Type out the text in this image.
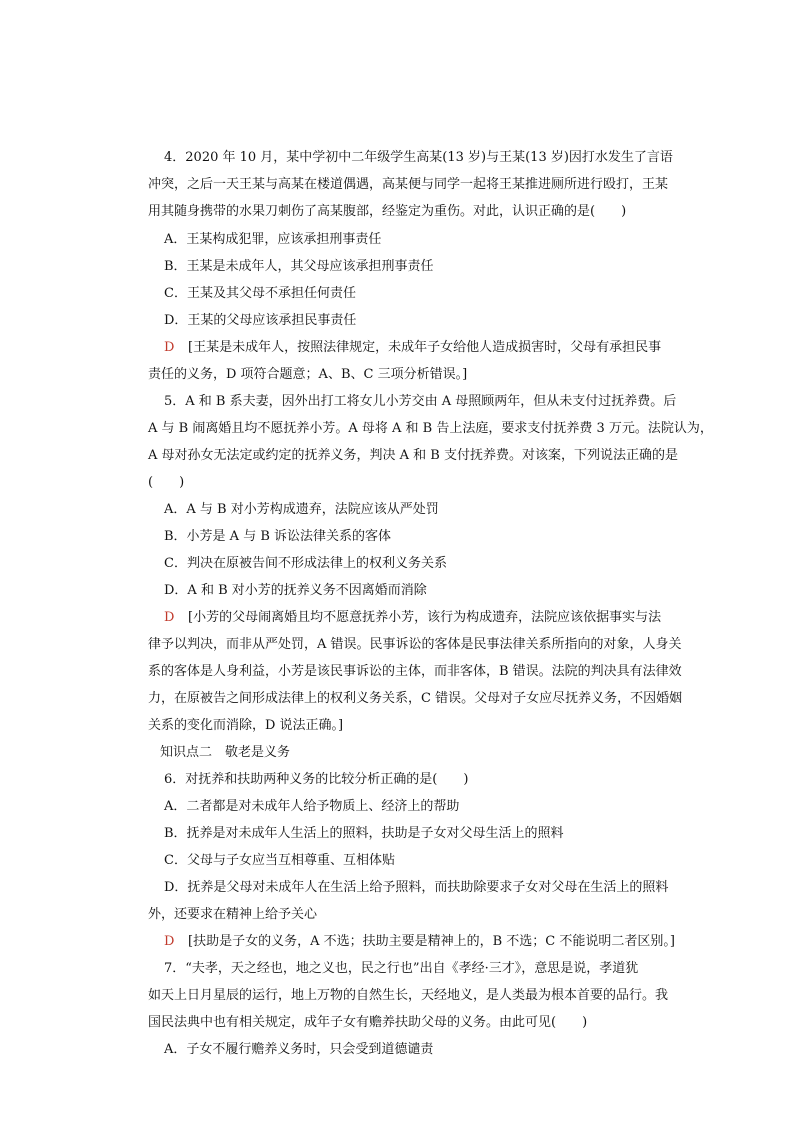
4．2020 年 10 月，某中学初中二年级学生高某(13 岁)与王某(13 岁)因打水发生了言语

冲突，之后一天王某与高某在楼道偶遇，高某便与同学一起将王某推进厕所进行殴打，王某

用其随身携带的水果刀刺伤了高某腹部，经鉴定为重伤。对此，认识正确的是(　　)

A．王某构成犯罪，应该承担刑事责任

B．王某是未成年人，其父母应该承担刑事责任

C．王某及其父母不承担任何责任

D．王某的父母应该承担民事责任

D [王某是未成年人，按照法律规定，未成年子女给他人造成损害时，父母有承担民事

责任的义务，D 项符合题意；A、B、C 三项分析错误。]

5．A 和 B 系夫妻，因外出打工将女儿小芳交由 A 母照顾两年，但从未支付过抚养费。后

A 与 B 闹离婚且均不愿抚养小芳。A 母将 A 和 B 告上法庭，要求支付抚养费 3 万元。法院认为，

A 母对孙女无法定或约定的抚养义务，判决 A 和 B 支付抚养费。对该案，下列说法正确的是

(　　)

A．A 与 B 对小芳构成遗弃，法院应该从严处罚

B．小芳是 A 与 B 诉讼法律关系的客体

C．判决在原被告间不形成法律上的权利义务关系

D．A 和 B 对小芳的抚养义务不因离婚而消除

D [小芳的父母闹离婚且均不愿意抚养小芳，该行为构成遗弃，法院应该依据事实与法

律予以判决，而非从严处罚，A 错误。民事诉讼的客体是民事法律关系所指向的对象，人身关

系的客体是人身利益，小芳是该民事诉讼的主体，而非客体，B 错误。法院的判决具有法律效

力，在原被告之间形成法律上的权利义务关系，C 错误。父母对子女应尽抚养义务，不因婚姻

关系的变化而消除，D 说法正确。]

知识点二　敬老是义务

6．对抚养和扶助两种义务的比较分析正确的是(　　)

A．二者都是对未成年人给予物质上、经济上的帮助

B．抚养是对未成年人生活上的照料，扶助是子女对父母生活上的照料

C．父母与子女应当互相尊重、互相体贴

D．抚养是父母对未成年人在生活上给予照料，而扶助除要求子女对父母在生活上的照料

外，还要求在精神上给予关心

D [扶助是子女的义务，A 不选；扶助主要是精神上的，B 不选；C 不能说明二者区别。]

7．“夫孝，天之经也，地之义也，民之行也”出自《孝经·三才》，意思是说，孝道犹

如天上日月星辰的运行，地上万物的自然生长，天经地义，是人类最为根本首要的品行。我

国民法典中也有相关规定，成年子女有赡养扶助父母的义务。由此可见(　　)

A．子女不履行赡养义务时，只会受到道德谴责
